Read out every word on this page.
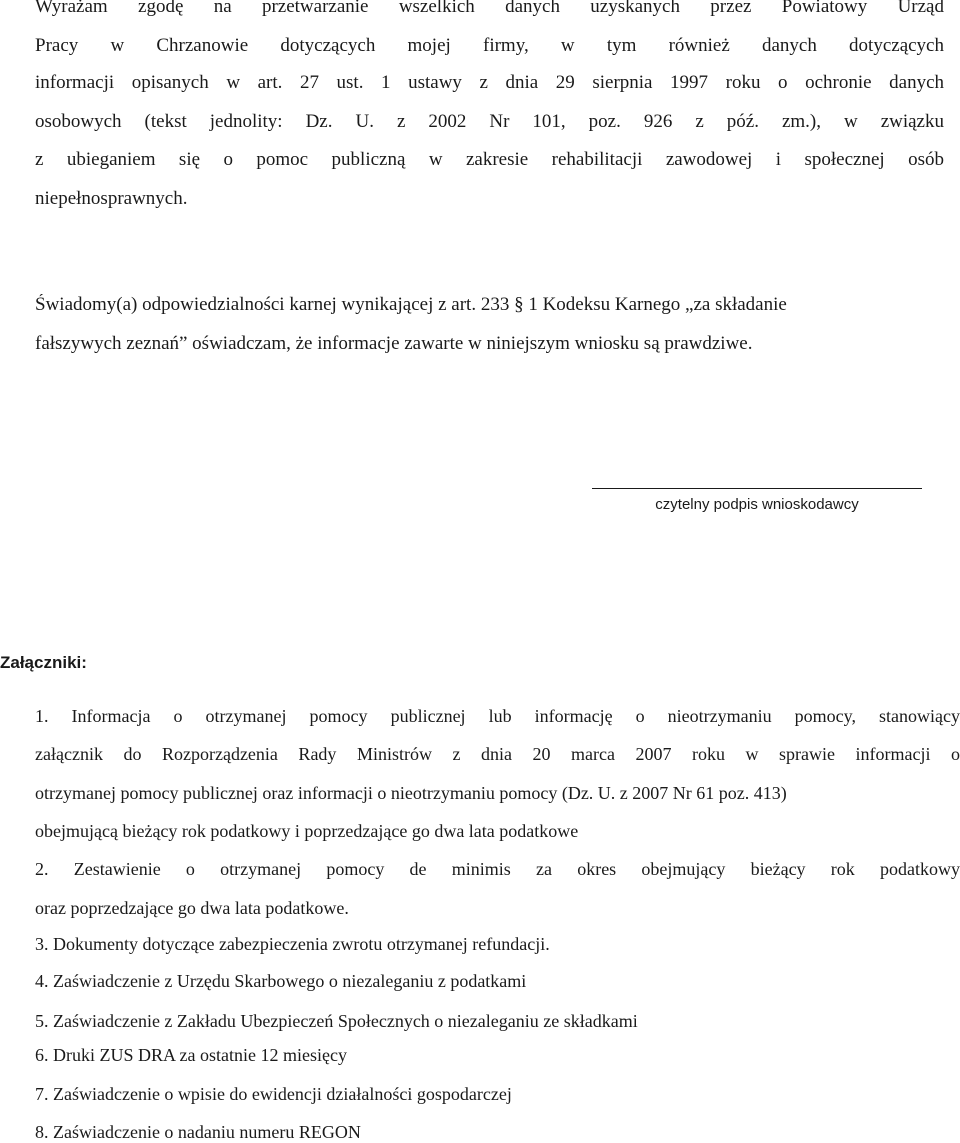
Wyrażam zgodę na przetwarzanie wszelkich danych uzyskanych przez Powiatowy Urząd
Pracy w Chrzanowie dotyczących mojej firmy, w tym również danych dotyczących
informacji opisanych w art. 27 ust. 1 ustawy z dnia 29 sierpnia 1997 roku o ochronie danych
osobowych (tekst jednolity: Dz. U. z 2002 Nr 101, poz. 926 z póź. zm.), w związku
z ubieganiem się o pomoc publiczną w zakresie rehabilitacji zawodowej i społecznej osób
niepełnosprawnych.
Świadomy(a) odpowiedzialności karnej wynikającej z art. 233 § 1 Kodeksu Karnego „za składanie
fałszywych zeznań” oświadczam, że informacje zawarte w niniejszym wniosku są prawdziwe.
czytelny podpis wnioskodawcy
Załączniki:
1. Informacja o otrzymanej pomocy publicznej lub informację o nieotrzymaniu pomocy, stanowiący
załącznik do Rozporządzenia Rady Ministrów z dnia 20 marca 2007 roku w sprawie informacji o
otrzymanej pomocy publicznej oraz informacji o nieotrzymaniu pomocy (Dz. U. z 2007 Nr 61 poz. 413)
obejmującą bieżący rok podatkowy i poprzedzające go dwa lata podatkowe
2. Zestawienie o otrzymanej pomocy de minimis za okres obejmujący bieżący rok podatkowy
oraz poprzedzające go dwa lata podatkowe.
3. Dokumenty dotyczące zabezpieczenia zwrotu otrzymanej refundacji.
4. Zaświadczenie z Urzędu Skarbowego o niezaleganiu z podatkami
5. Zaświadczenie z Zakładu Ubezpieczeń Społecznych o niezaleganiu ze składkami
6. Druki ZUS DRA za ostatnie 12 miesięcy
7. Zaświadczenie o wpisie do ewidencji działalności gospodarczej
8. Zaświadczenie o nadaniu numeru REGON
